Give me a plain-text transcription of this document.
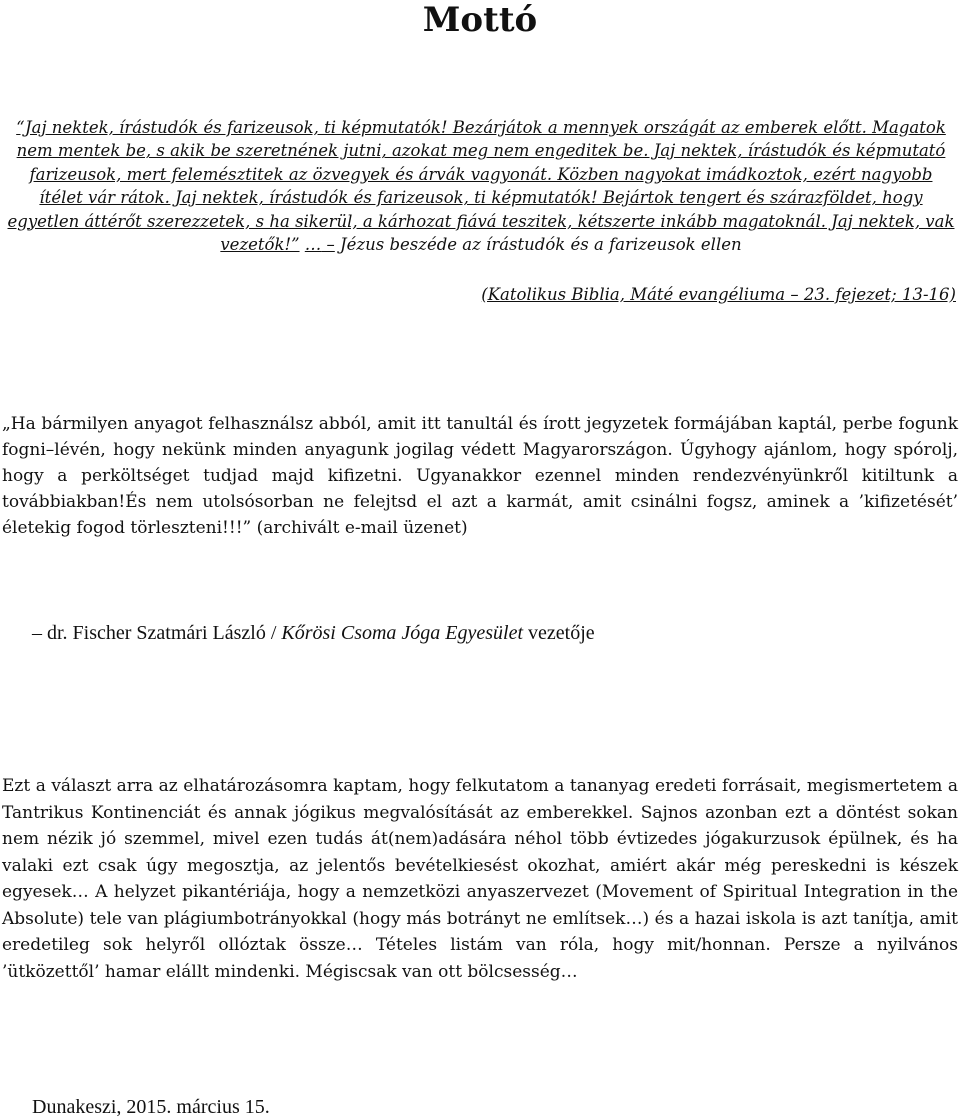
Mottó

“Jaj nektek, írástudók és farizeusok, ti képmutatók! Bezárjátok a mennyek országát az emberek előtt. Magatok nem mentek be, s akik be szeretnének jutni, azokat meg nem engeditek be. Jaj nektek, írástudók és képmutató farizeusok, mert felemésztitek az özvegyek és árvák vagyonát. Közben nagyokat imádkoztok, ezért nagyobb ítélet vár rátok. Jaj nektek, írástudók és farizeusok, ti képmutatók! Bejártok tengert és szárazföldet, hogy egyetlen áttérőt szerezzetek, s ha sikerül, a kárhozat fiává teszitek, kétszerte inkább magatoknál. Jaj nektek, vak vezetők!” … – Jézus beszéde az írástudók és a farizeusok ellen

(Katolikus Biblia, Máté evangéliuma – 23. fejezet; 13-16)

„Ha bármilyen anyagot felhasználsz abból, amit itt tanultál és írott jegyzetek formájában kaptál, perbe fogunk fogni–lévén, hogy nekünk minden anyagunk jogilag védett Magyarországon. Úgyhogy ajánlom, hogy spórolj, hogy a perköltséget tudjad majd kifizetni. Ugyanakkor ezennel minden rendezvényünkről kitiltunk a továbbiakban!És nem utolsósorban ne felejtsd el azt a karmát, amit csinálni fogsz, aminek a ’kifizetését’ életekig fogod törleszteni!!!” (archivált e-mail üzenet)

– dr. Fischer Szatmári László / Kőrösi Csoma Jóga Egyesület vezetője

Ezt a választ arra az elhatározásomra kaptam, hogy felkutatom a tananyag eredeti forrásait, megismertetem a Tantrikus Kontinenciát és annak jógikus megvalósítását az emberekkel. Sajnos azonban ezt a döntést sokan nem nézik jó szemmel, mivel ezen tudás át(nem)adására néhol több évtizedes jógakurzusok épülnek, és ha valaki ezt csak úgy megosztja, az jelentős bevételkiesést okozhat, amiért akár még pereskedni is készek egyesek… A helyzet pikantériája, hogy a nemzetközi anyaszervezet (Movement of Spiritual Integration in the Absolute) tele van plágiumbotrányokkal (hogy más botrányt ne említsek…) és a hazai iskola is azt tanítja, amit eredetileg sok helyről ollóztak össze… Tételes listám van róla, hogy mit/honnan. Persze a nyilvános ’ütközettől’ hamar elállt mindenki. Mégiscsak van ott bölcsesség…

Dunakeszi, 2015. március 15.
